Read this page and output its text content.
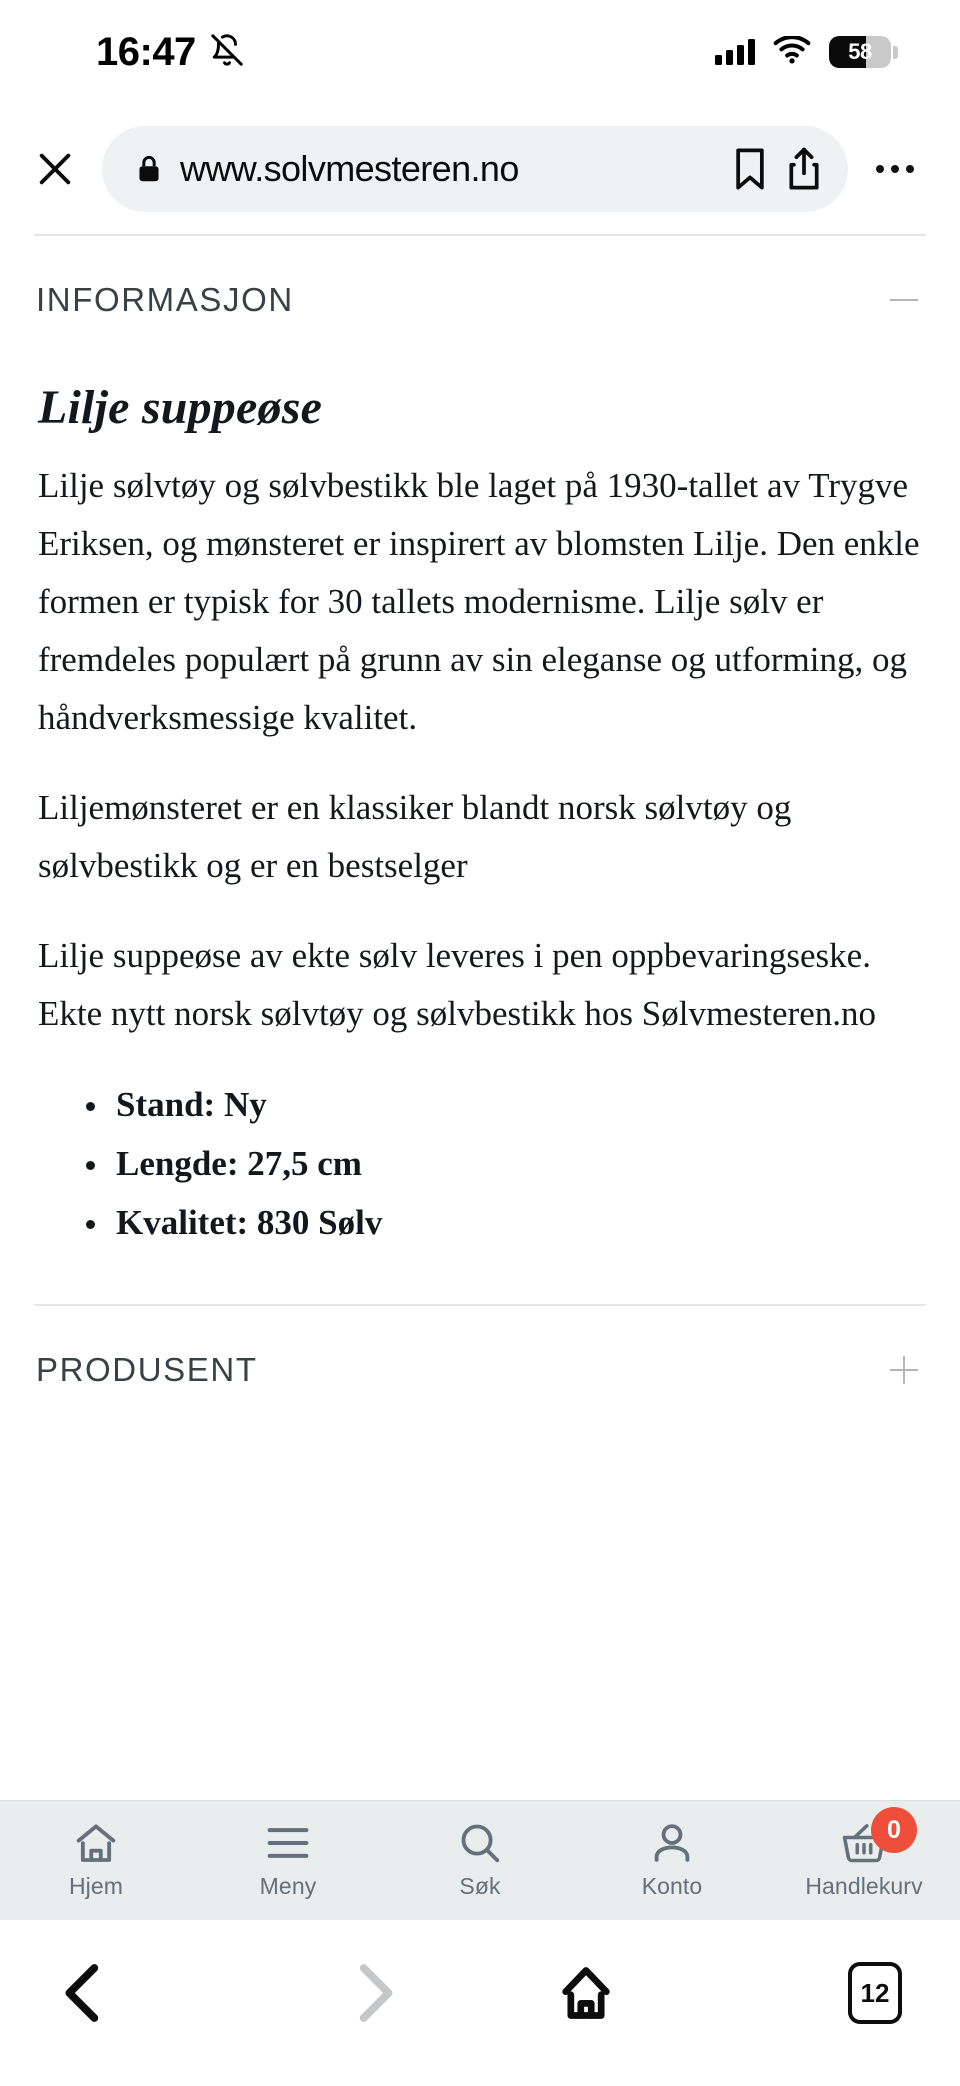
16:47	58
www.solvmesteren.no
INFORMASJON
Lilje suppeøse

Lilje sølvtøy og sølvbestikk ble laget på 1930-tallet av Trygve Eriksen, og mønsteret er inspirert av blomsten Lilje. Den enkle formen er typisk for 30 tallets modernisme. Lilje sølv er fremdeles populært på grunn av sin eleganse og utforming, og håndverksmessige kvalitet.

Liljemønsteret er en klassiker blandt norsk sølvtøy og sølvbestikk og er en bestselger

Lilje suppeøse av ekte sølv leveres i pen oppbevaringseske. Ekte nytt norsk sølvtøy og sølvbestikk hos Sølvmesteren.no

Stand: Ny
Lengde: 27,5 cm
Kvalitet: 830 Sølv
PRODUSENT
Hjem	Meny	Søk	Konto
0
Handlekurv
12
